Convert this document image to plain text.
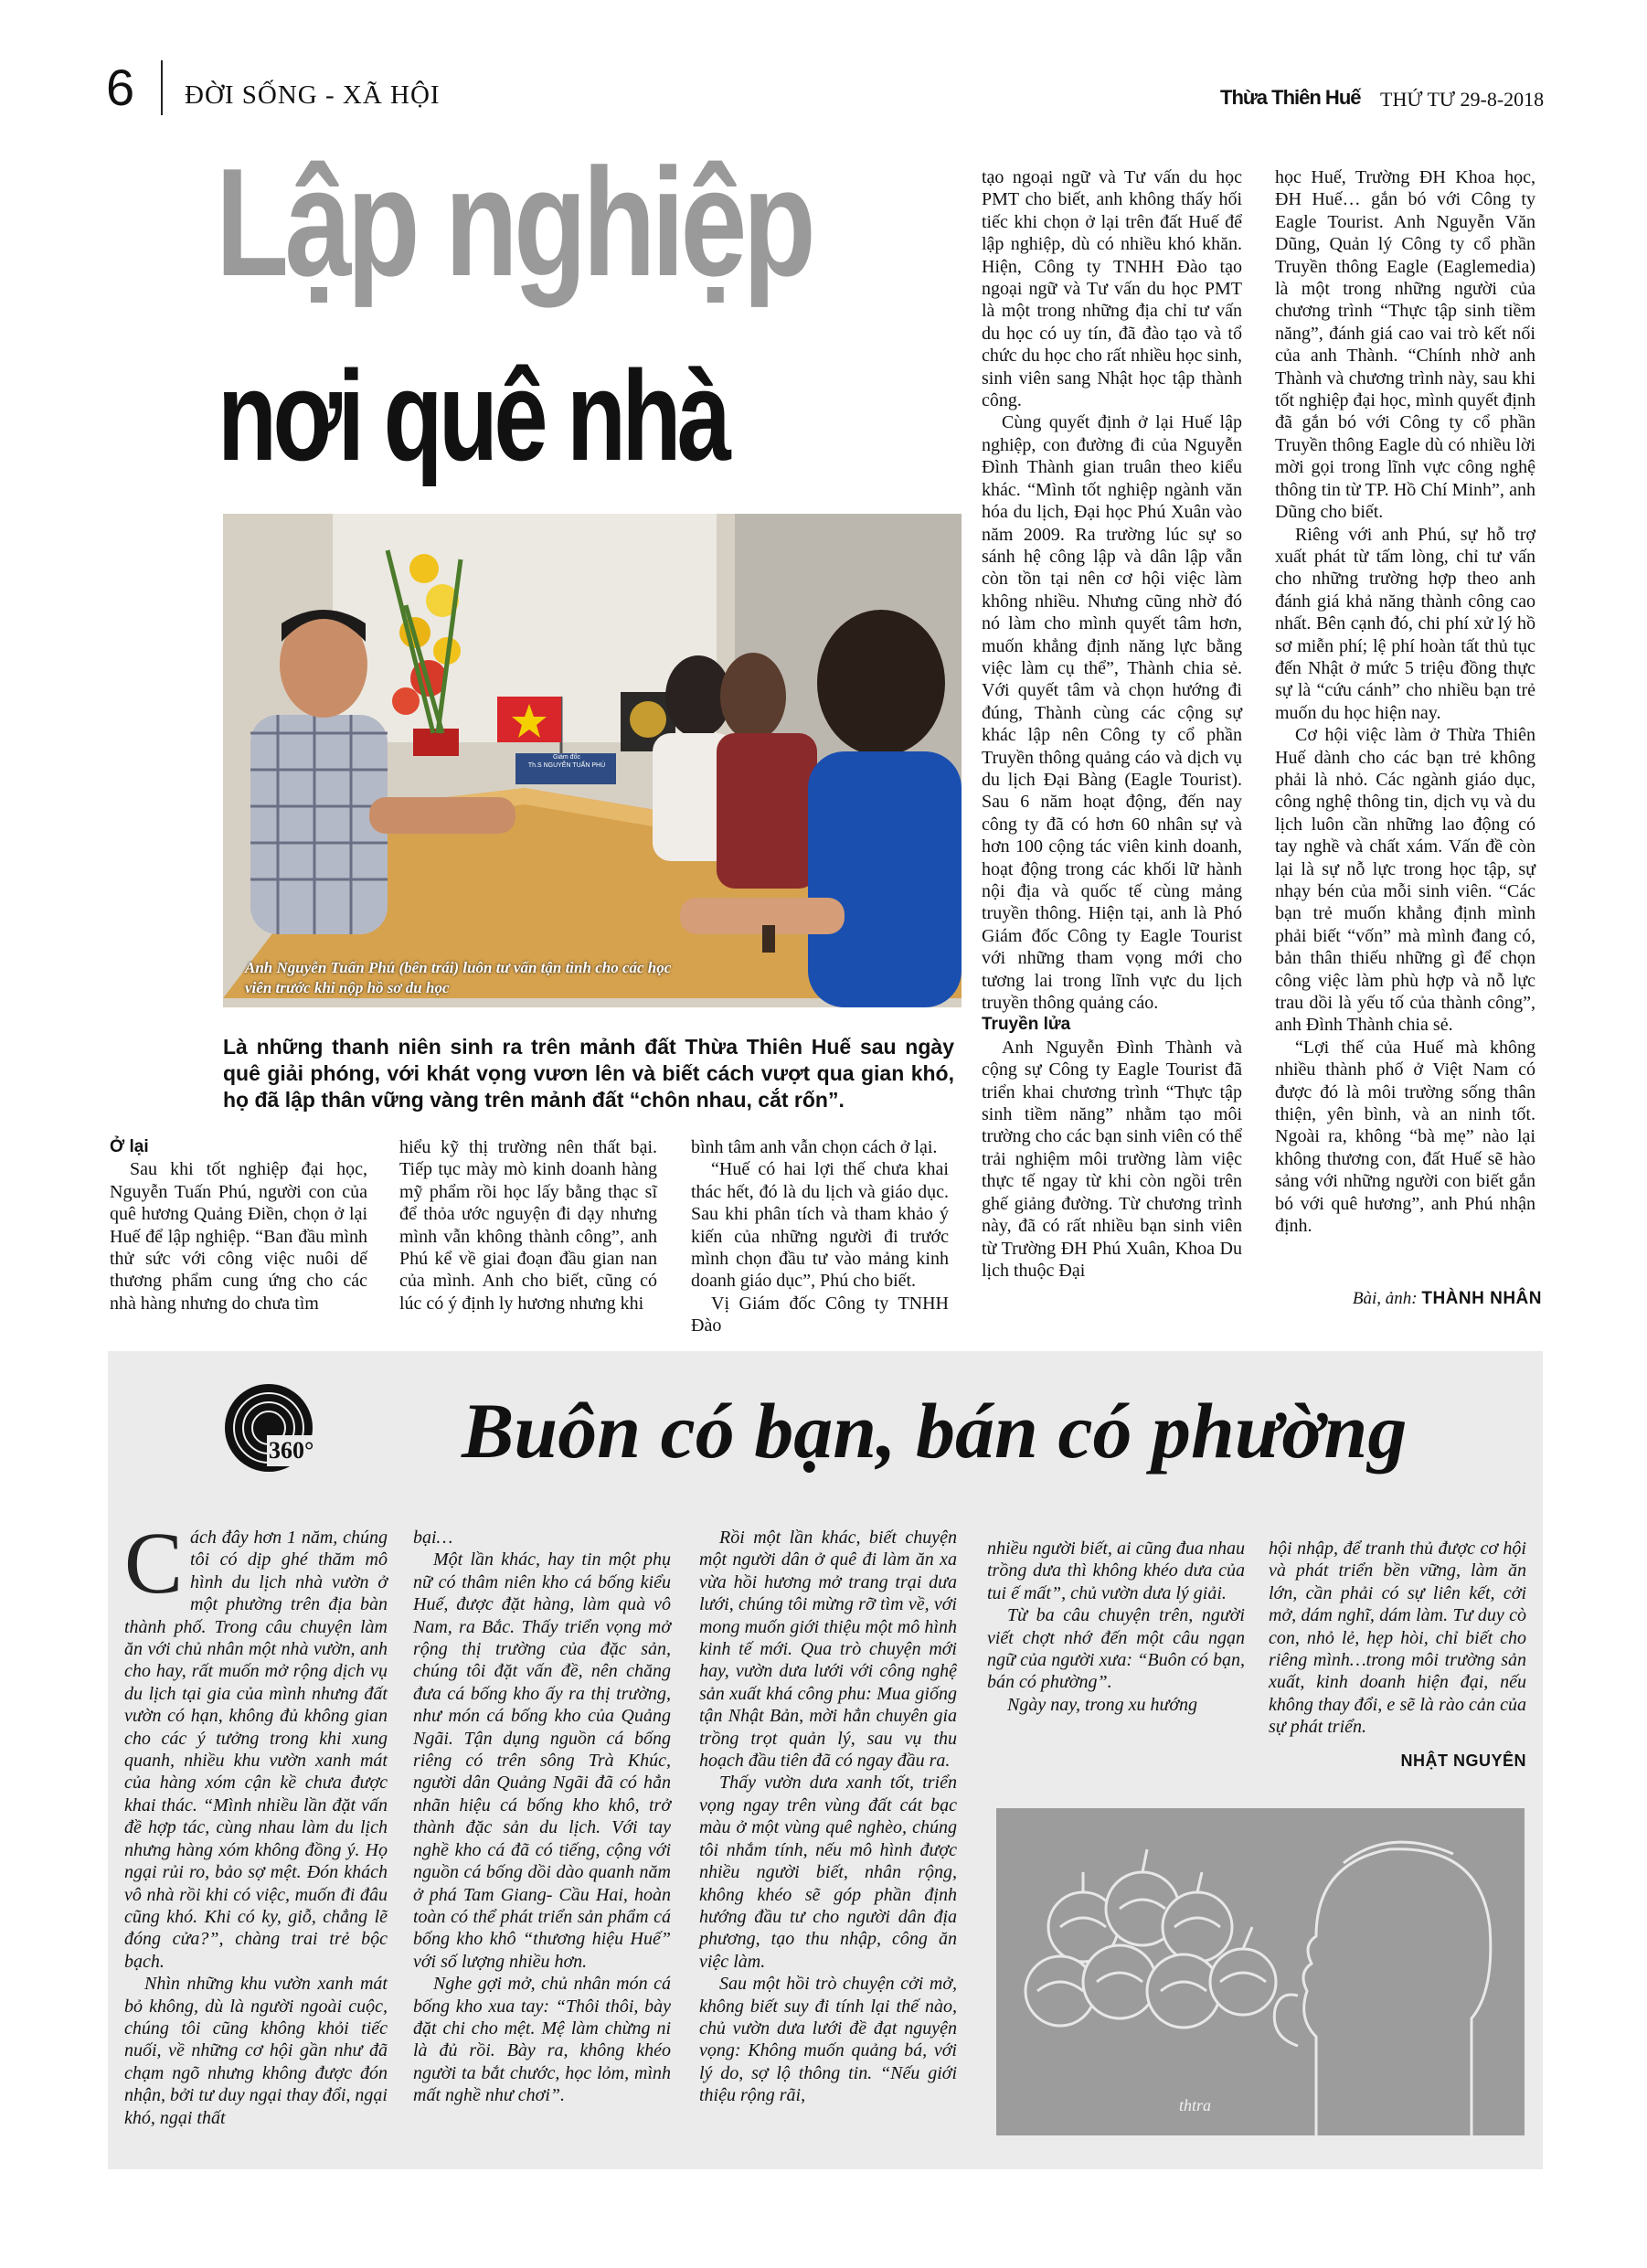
6 ĐỜI SỐNG - XÃ HỘI	Thừa Thiên Huế THỨ TƯ 29-8-2018
Lập nghiệp
nơi quê nhà
Giám đốc
Th.S NGUYỄN TUẤN PHÚ
Anh Nguyễn Tuấn Phú (bên trái) luôn tư vấn tận tình cho các học viên trước khi nộp hồ sơ du học
Là những thanh niên sinh ra trên mảnh đất Thừa Thiên Huế sau ngày quê giải phóng, với khát vọng vươn lên và biết cách vượt qua gian khó, họ đã lập thân vững vàng trên mảnh đất “chôn nhau, cắt rốn”.

Ở lại

Sau khi tốt nghiệp đại học, Nguyễn Tuấn Phú, người con của quê hương Quảng Điền, chọn ở lại Huế để lập nghiệp. “Ban đầu mình thử sức với công việc nuôi dế thương phẩm cung ứng cho các nhà hàng nhưng do chưa tìm

hiểu kỹ thị trường nên thất bại. Tiếp tục mày mò kinh doanh hàng mỹ phẩm rồi học lấy bằng thạc sĩ để thỏa ước nguyện đi dạy nhưng mình vẫn không thành công”, anh Phú kể về giai đoạn đầu gian nan của mình. Anh cho biết, cũng có lúc có ý định ly hương nhưng khi

bình tâm anh vẫn chọn cách ở lại.

“Huế có hai lợi thế chưa khai thác hết, đó là du lịch và giáo dục. Sau khi phân tích và tham khảo ý kiến của những người đi trước mình chọn đầu tư vào mảng kinh doanh giáo dục”, Phú cho biết.

Vị Giám đốc Công ty TNHH Đào

tạo ngoại ngữ và Tư vấn du học PMT cho biết, anh không thấy hối tiếc khi chọn ở lại trên đất Huế để lập nghiệp, dù có nhiều khó khăn. Hiện, Công ty TNHH Đào tạo ngoại ngữ và Tư vấn du học PMT là một trong những địa chỉ tư vấn du học có uy tín, đã đào tạo và tổ chức du học cho rất nhiều học sinh, sinh viên sang Nhật học tập thành công.

Cùng quyết định ở lại Huế lập nghiệp, con đường đi của Nguyễn Đình Thành gian truân theo kiểu khác. “Mình tốt nghiệp ngành văn hóa du lịch, Đại học Phú Xuân vào năm 2009. Ra trường lúc sự so sánh hệ công lập và dân lập vẫn còn tồn tại nên cơ hội việc làm không nhiều. Nhưng cũng nhờ đó nó làm cho mình quyết tâm hơn, muốn khẳng định năng lực bằng việc làm cụ thể”, Thành chia sẻ. Với quyết tâm và chọn hướng đi đúng, Thành cùng các cộng sự khác lập nên Công ty cổ phần Truyền thông quảng cáo và dịch vụ du lịch Đại Bàng (Eagle Tourist). Sau 6 năm hoạt động, đến nay công ty đã có hơn 60 nhân sự và hơn 100 cộng tác viên kinh doanh, hoạt động trong các khối lữ hành nội địa và quốc tế cùng mảng truyền thông. Hiện tại, anh là Phó Giám đốc Công ty Eagle Tourist với những tham vọng mới cho tương lai trong lĩnh vực du lịch truyền thông quảng cáo.

Truyền lửa

Anh Nguyễn Đình Thành và cộng sự Công ty Eagle Tourist đã triển khai chương trình “Thực tập sinh tiềm năng” nhằm tạo môi trường cho các bạn sinh viên có thể trải nghiệm môi trường làm việc thực tế ngay từ khi còn ngồi trên ghế giảng đường. Từ chương trình này, đã có rất nhiều bạn sinh viên từ Trường ĐH Phú Xuân, Khoa Du lịch thuộc Đại

học Huế, Trường ĐH Khoa học, ĐH Huế… gắn bó với Công ty Eagle Tourist. Anh Nguyễn Văn Dũng, Quản lý Công ty cổ phần Truyền thông Eagle (Eaglemedia) là một trong những người của chương trình “Thực tập sinh tiềm năng”, đánh giá cao vai trò kết nối của anh Thành. “Chính nhờ anh Thành và chương trình này, sau khi tốt nghiệp đại học, mình quyết định đã gắn bó với Công ty cổ phần Truyền thông Eagle dù có nhiều lời mời gọi trong lĩnh vực công nghệ thông tin từ TP. Hồ Chí Minh”, anh Dũng cho biết.

Riêng với anh Phú, sự hỗ trợ xuất phát từ tấm lòng, chỉ tư vấn cho những trường hợp theo anh đánh giá khả năng thành công cao nhất. Bên cạnh đó, chi phí xử lý hồ sơ miễn phí; lệ phí hoàn tất thủ tục đến Nhật ở mức 5 triệu đồng thực sự là “cứu cánh” cho nhiều bạn trẻ muốn du học hiện nay.

Cơ hội việc làm ở Thừa Thiên Huế dành cho các bạn trẻ không phải là nhỏ. Các ngành giáo dục, công nghệ thông tin, dịch vụ và du lịch luôn cần những lao động có tay nghề và chất xám. Vấn đề còn lại là sự nỗ lực trong học tập, sự nhạy bén của mỗi sinh viên. “Các bạn trẻ muốn khẳng định mình phải biết “vốn” mà mình đang có, bản thân thiếu những gì để chọn công việc làm phù hợp và nỗ lực trau dồi là yếu tố của thành công”, anh Đình Thành chia sẻ.

“Lợi thế của Huế mà không nhiều thành phố ở Việt Nam có được đó là môi trường sống thân thiện, yên bình, và an ninh tốt. Ngoài ra, không “bà mẹ” nào lại không thương con, đất Huế sẽ hào sảng với những người con biết gắn bó với quê hương”, anh Phú nhận định.

Bài, ảnh: THÀNH NHÂN
360° Buôn có bạn, bán có phường

Cách đây hơn 1 năm, chúng tôi có dịp ghé thăm mô hình du lịch nhà vườn ở một phường trên địa bàn thành phố. Trong câu chuyện làm ăn với chủ nhân một nhà vườn, anh cho hay, rất muốn mở rộng dịch vụ du lịch tại gia của mình nhưng đất vườn có hạn, không đủ không gian cho các ý tưởng trong khi xung quanh, nhiều khu vườn xanh mát của hàng xóm cận kề chưa được khai thác. “Mình nhiều lần đặt vấn đề hợp tác, cùng nhau làm du lịch nhưng hàng xóm không đồng ý. Họ ngại rủi ro, bảo sợ mệt. Đón khách vô nhà rồi khi có việc, muốn đi đâu cũng khó. Khi có ky, giỗ, chẳng lẽ đóng cửa?”, chàng trai trẻ bộc bạch.

Nhìn những khu vườn xanh mát bỏ không, dù là người ngoài cuộc, chúng tôi cũng không khỏi tiếc nuối, về những cơ hội gần như đã chạm ngõ nhưng không được đón nhận, bởi tư duy ngại thay đổi, ngại khó, ngại thất

bại…

Một lần khác, hay tin một phụ nữ có thâm niên kho cá bống kiểu Huế, được đặt hàng, làm quà vô Nam, ra Bắc. Thấy triển vọng mở rộng thị trường của đặc sản, chúng tôi đặt vấn đề, nên chăng đưa cá bống kho ấy ra thị trường, như món cá bống kho của Quảng Ngãi. Tận dụng nguồn cá bống riêng có trên sông Trà Khúc, người dân Quảng Ngãi đã có hẳn nhãn hiệu cá bống kho khô, trở thành đặc sản du lịch. Với tay nghề kho cá đã có tiếng, cộng với nguồn cá bống dồi dào quanh năm ở phá Tam Giang- Cầu Hai, hoàn toàn có thể phát triển sản phẩm cá bống kho khô “thương hiệu Huế” với số lượng nhiều hơn.

Nghe gợi mở, chủ nhân món cá bống kho xua tay: “Thôi thôi, bày đặt chi cho mệt. Mệ làm chừng ni là đủ rồi. Bày ra, không khéo người ta bắt chước, học lỏm, mình mất nghề như chơi”.

Rồi một lần khác, biết chuyện một người dân ở quê đi làm ăn xa vừa hồi hương mở trang trại dưa lưới, chúng tôi mừng rỡ tìm về, với mong muốn giới thiệu một mô hình kinh tế mới. Qua trò chuyện mới hay, vườn dưa lưới với công nghệ sản xuất khá công phu: Mua giống tận Nhật Bản, mời hẳn chuyên gia trồng trọt quản lý, sau vụ thu hoạch đầu tiên đã có ngay đầu ra.

Thấy vườn dưa xanh tốt, triển vọng ngay trên vùng đất cát bạc màu ở một vùng quê nghèo, chúng tôi nhắm tính, nếu mô hình được nhiều người biết, nhân rộng, không khéo sẽ góp phần định hướng đầu tư cho người dân địa phương, tạo thu nhập, công ăn việc làm.

Sau một hồi trò chuyện cởi mở, không biết suy đi tính lại thế nào, chủ vườn dưa lưới đề đạt nguyện vọng: Không muốn quảng bá, với lý do, sợ lộ thông tin. “Nếu giới thiệu rộng rãi,

nhiều người biết, ai cũng đua nhau trồng dưa thì không khéo dưa của tui ế mất”, chủ vườn dưa lý giải.

Từ ba câu chuyện trên, người viết chợt nhớ đến một câu ngạn ngữ của người xưa: “Buôn có bạn, bán có phường”.

Ngày nay, trong xu hướng

hội nhập, để tranh thủ được cơ hội và phát triển bền vững, làm ăn lớn, cần phải có sự liên kết, cởi mở, dám nghĩ, dám làm. Tư duy cò con, nhỏ lẻ, hẹp hòi, chỉ biết cho riêng mình…trong môi trường sản xuất, kinh doanh hiện đại, nếu không thay đổi, e sẽ là rào cản của sự phát triển.

NHẬT NGUYÊN
thtra
